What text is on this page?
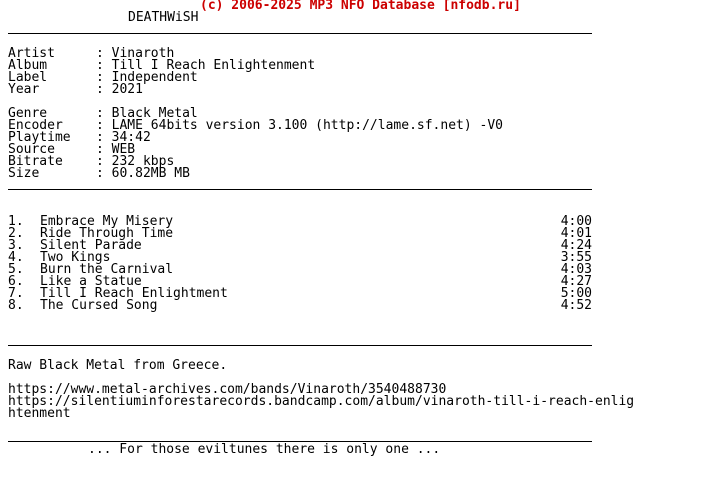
(c) 2006-2025 MP3 NFO Database [nfodb.ru]
DEATHWiSH
Artist	: Vinaroth
Album	: Till I Reach Enlightenment
Label	: Independent
Year	: 2021
Genre	: Black Metal
Encoder	: LAME 64bits version 3.100 (http://lame.sf.net) -V0
Playtime : 34:42
Source	: WEB
Bitrate	: 232 kbps
Size	: 60.82MB MB
1. Embrace My Misery	4:00
2. Ride Through Time	4:01
3. Silent Parade	4:24
4. Two Kings	3:55
5. Burn the Carnival	4:03
6. Like a Statue	4:27
7. Till I Reach Enlightment	5:00
8. The Cursed Song	4:52
Raw Black Metal from Greece.
https://www.metal-archives.com/bands/Vinaroth/3540488730
https://silentiuminforestarecords.bandcamp.com/album/vinaroth-till-i-reach-enlig
htenment
... For those eviltunes there is only one ...
